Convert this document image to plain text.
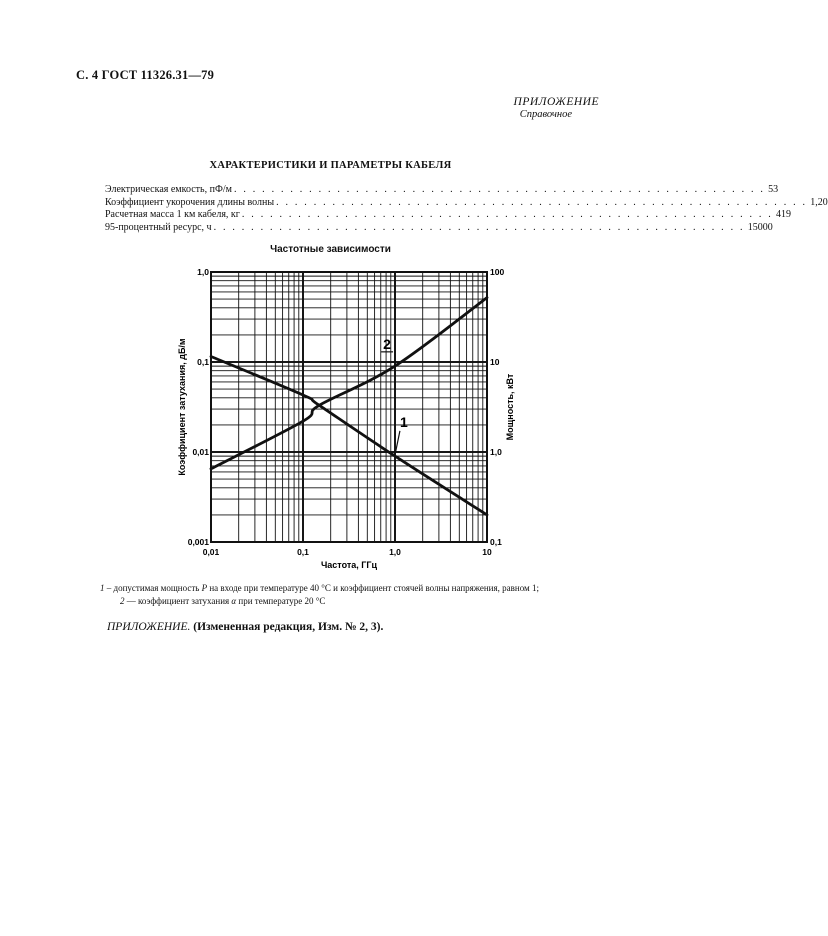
С. 4 ГОСТ 11326.31—79
ПРИЛОЖЕНИЕ
Справочное
ХАРАКТЕРИСТИКИ И ПАРАМЕТРЫ КАБЕЛЯ
Электрическая емкость, пФ/м . . . . . . . . . . . . . . . . . . . . . . . . . . . . . . . . . . . . . . . . . . . . . . . . . . . . . . . . . 53
Коэффициент укорочения длины волны . . . . . . . . . . . . . . . . . . . . . . . . . . . . . . . . . . . . . . . . . . . . . . . . . . . . . . . . . 1,20
Расчетная масса 1 км кабеля, кг . . . . . . . . . . . . . . . . . . . . . . . . . . . . . . . . . . . . . . . . . . . . . . . . . . . . . . . . . 419
95-процентный ресурс, ч . . . . . . . . . . . . . . . . . . . . . . . . . . . . . . . . . . . . . . . . . . . . . . . . . . . . . . . . . 15000
Частотные зависимости
0,01	0,1	1,0	10
0,001
0,01
0,1
1,0
0,1
1,0
10
100
Частота, ГГц
Коэффициент затухания, дБ/м	Мощность, кВт
1
2
1 – допустимая мощность P на входе при температуре 40 °С и коэффициент стоячей волны напряжения, равном 1;
2 — коэффициент затухания α при температуре 20 °С
ПРИЛОЖЕНИЕ. (Измененная редакция, Изм. № 2, 3).
